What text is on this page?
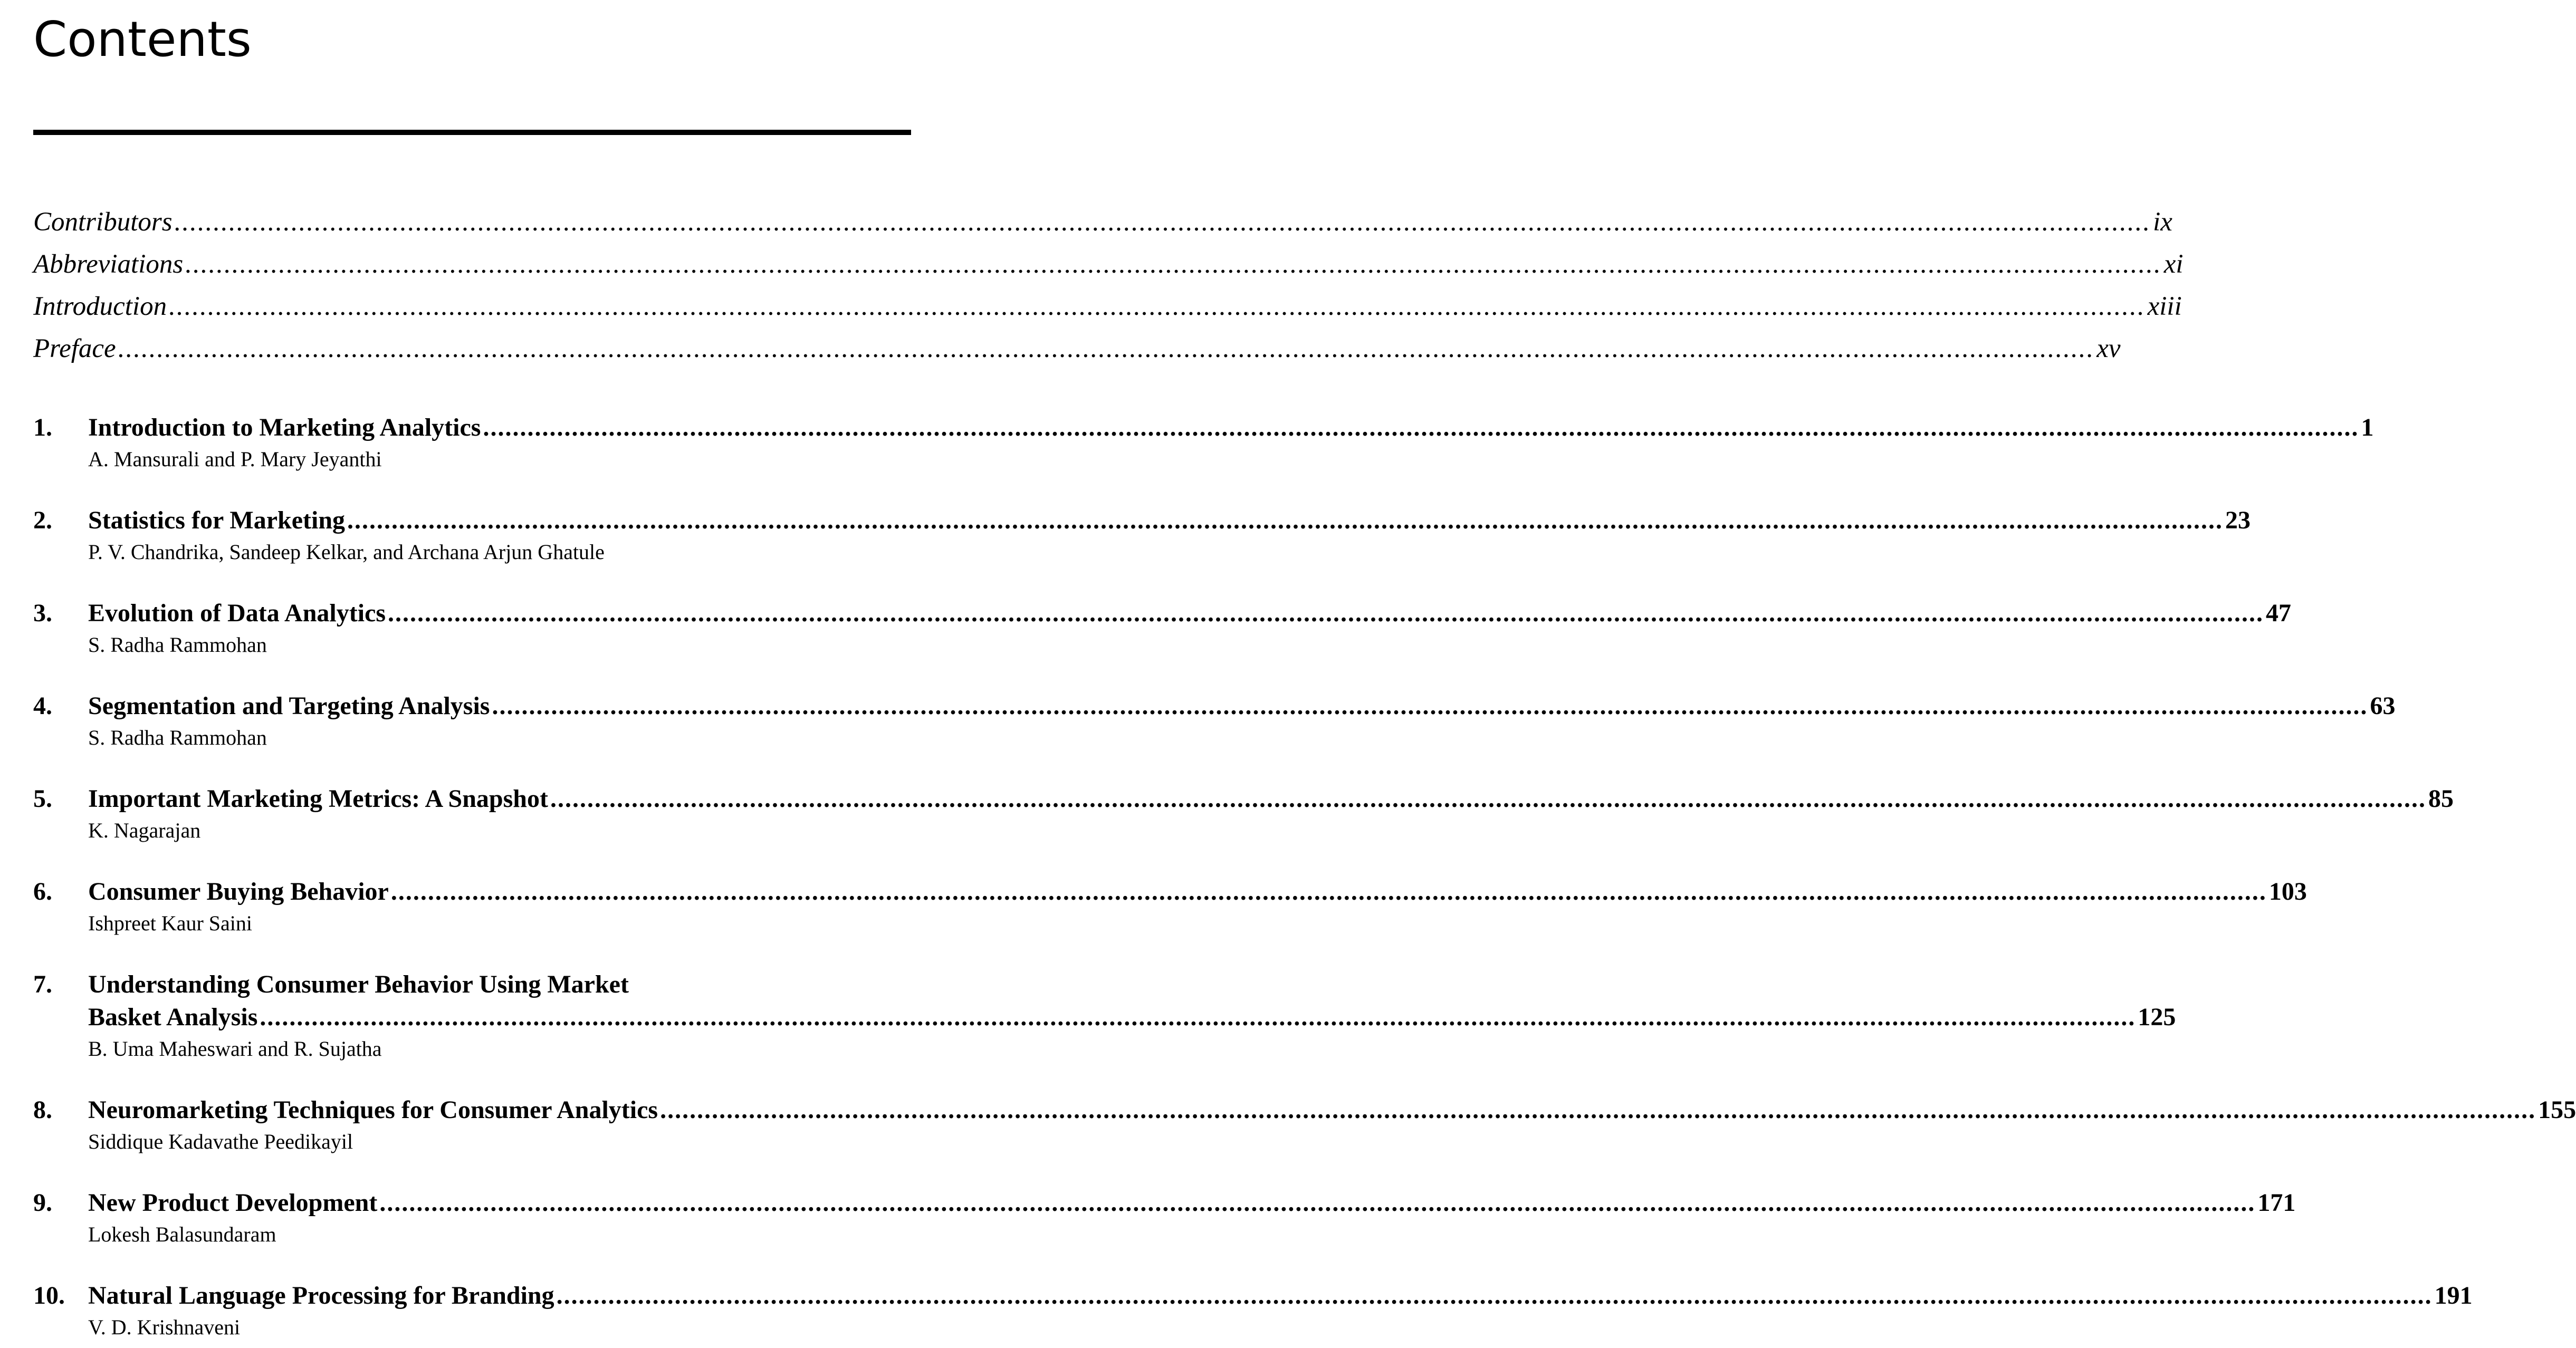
Contents
Contributors .....	ix
Abbreviations .....	xi
Introduction .....	xiii
Preface .....	xv
1.	Introduction to Marketing Analytics .....	1
A. Mansurali and P. Mary Jeyanthi
2.	Statistics for Marketing .....	23
P. V. Chandrika, Sandeep Kelkar, and Archana Arjun Ghatule
3.	Evolution of Data Analytics .....	47
S. Radha Rammohan
4.	Segmentation and Targeting Analysis .....	63
S. Radha Rammohan
5.	Important Marketing Metrics: A Snapshot .....	85
K. Nagarajan
6.	Consumer Buying Behavior .....	103
Ishpreet Kaur Saini
7.	Understanding Consumer Behavior Using Market
Basket Analysis .....	125
B. Uma Maheswari and R. Sujatha
8.	Neuromarketing Techniques for Consumer Analytics .....	155
Siddique Kadavathe Peedikayil
9.	New Product Development .....	171
Lokesh Balasundaram
10. Natural Language Processing for Branding .....	191
V. D. Krishnaveni
